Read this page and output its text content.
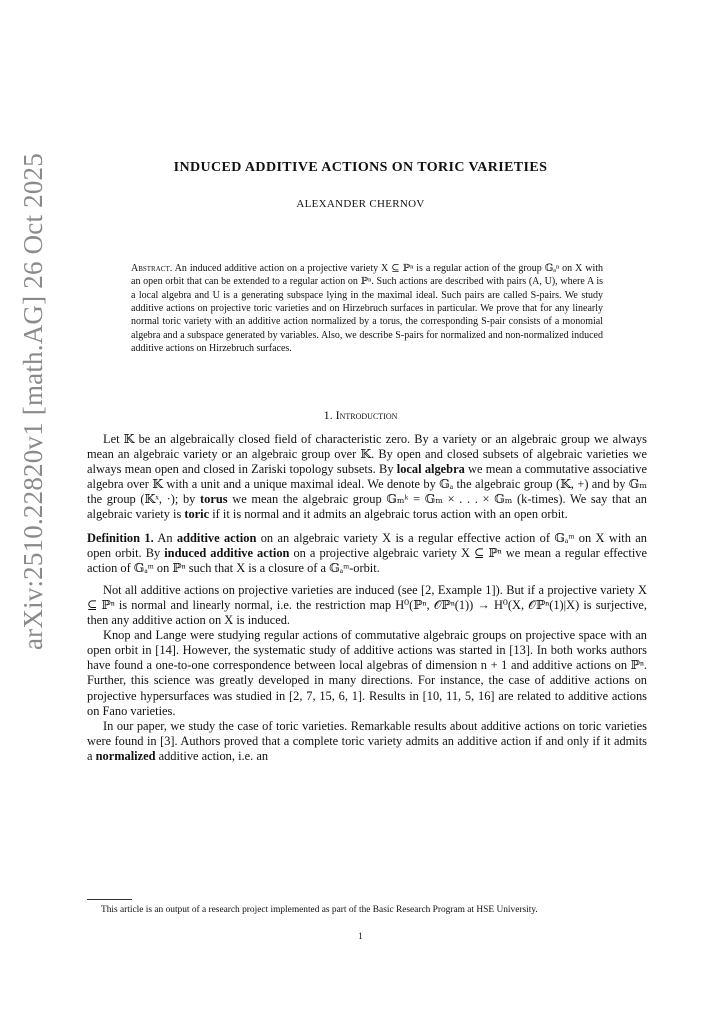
arXiv:2510.22820v1 [math.AG] 26 Oct 2025	INDUCED ADDITIVE ACTIONS ON TORIC VARIETIES
ALEXANDER CHERNOV
Abstract. An induced additive action on a projective variety X ⊆ ℙⁿ is a regular action of the group 𝔾ₐⁿ on X with an open orbit that can be extended to a regular action on ℙⁿ. Such actions are described with pairs (A, U), where A is a local algebra and U is a generating subspace lying in the maximal ideal. Such pairs are called S-pairs. We study additive actions on projective toric varieties and on Hirzebruch surfaces in particular. We prove that for any linearly normal toric variety with an additive action normalized by a torus, the corresponding S-pair consists of a monomial algebra and a subspace generated by variables. Also, we describe S-pairs for normalized and non-normalized induced additive actions on Hirzebruch surfaces.
1. Introduction

Let 𝕂 be an algebraically closed field of characteristic zero. By a variety or an algebraic group we always mean an algebraic variety or an algebraic group over 𝕂. By open and closed subsets of algebraic varieties we always mean open and closed in Zariski topology subsets. By local algebra we mean a commutative associative algebra over 𝕂 with a unit and a unique maximal ideal. We denote by 𝔾ₐ the algebraic group (𝕂, +) and by 𝔾ₘ the group (𝕂ˣ, ·); by torus we mean the algebraic group 𝔾ₘᵏ = 𝔾ₘ × . . . × 𝔾ₘ (k-times). We say that an algebraic variety is toric if it is normal and it admits an algebraic torus action with an open orbit.

Definition 1. An additive action on an algebraic variety X is a regular effective action of 𝔾ₐᵐ on X with an open orbit. By induced additive action on a projective algebraic variety X ⊆ ℙⁿ we mean a regular effective action of 𝔾ₐᵐ on ℙⁿ such that X is a closure of a 𝔾ₐᵐ-orbit.

Not all additive actions on projective varieties are induced (see [2, Example 1]). But if a projective variety X ⊆ ℙⁿ is normal and linearly normal, i.e. the restriction map H⁰(ℙⁿ, 𝒪ℙⁿ(1)) → H⁰(X, 𝒪ℙⁿ(1)|X) is surjective, then any additive action on X is induced.

Knop and Lange were studying regular actions of commutative algebraic groups on projective space with an open orbit in [14]. However, the systematic study of additive actions was started in [13]. In both works authors have found a one-to-one correspondence between local algebras of dimension n + 1 and additive actions on ℙⁿ. Further, this science was greatly developed in many directions. For instance, the case of additive actions on projective hypersurfaces was studied in [2, 7, 15, 6, 1]. Results in [10, 11, 5, 16] are related to additive actions on Fano varieties.

In our paper, we study the case of toric varieties. Remarkable results about additive actions on toric varieties were found in [3]. Authors proved that a complete toric variety admits an additive action if and only if it admits a normalized additive action, i.e. an

This article is an output of a research project implemented as part of the Basic Research Program at HSE University.
1
